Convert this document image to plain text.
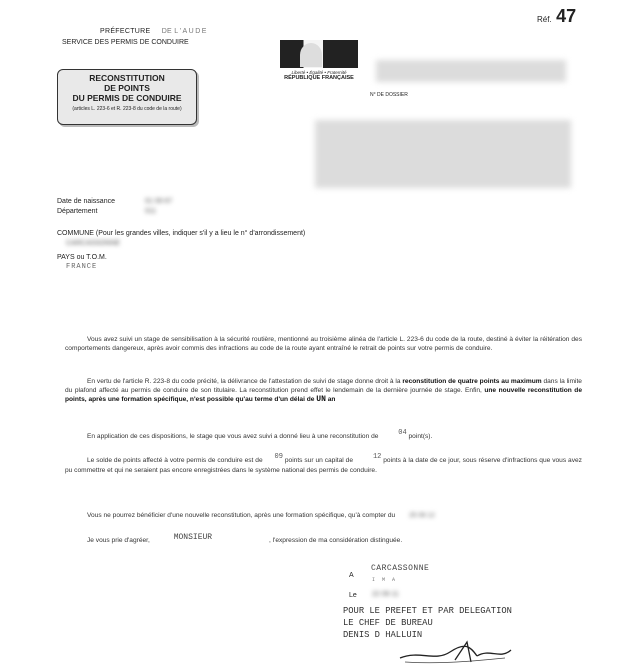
Réf. 47
PRÉFECTURE DE L'AUDE
SERVICE DES PERMIS DE CONDUIRE
RECONSTITUTION
DE POINTS
DU PERMIS DE CONDUIRE
(articles L. 223-6 et R. 223-8 du code de la route)
Liberté • Égalité • Fraternité
RÉPUBLIQUE FRANÇAISE
N° DE DOSSIER
Date de naissance	01 09 67
Département	011
COMMUNE (Pour les grandes villes, indiquer s'il y a lieu le n° d'arrondissement)
CARCASSONNE
PAYS ou T.O.M.
FRANCE
Vous avez suivi un stage de sensibilisation à la sécurité routière, mentionné au troisième alinéa de l'article L. 223-6 du code de la route, destiné à éviter la réitération des comportements dangereux, après avoir commis des infractions au code de la route ayant entraîné le retrait de points sur votre permis de conduire.
En vertu de l'article R. 223-8 du code précité, la délivrance de l'attestation de suivi de stage donne droit à la reconstitution de quatre points au maximum dans la limite du plafond affecté au permis de conduire de son titulaire. La reconstitution prend effet le lendemain de la dernière journée de stage. Enfin, une nouvelle reconstitution de points, après une formation spécifique, n'est possible qu'au terme d'un délai de UN an
En application de ces dispositions, le stage que vous avez suivi a donné lieu à une reconstitution de	04 point(s).
Le solde de points affecté à votre permis de conduire est de 09 points sur un capital de	12 points à la date de ce jour, sous réserve d'infractions que vous avez pu commettre et qui ne seraient pas encore enregistrées dans le système national des permis de conduire.
Vous ne pourrez bénéficier d'une nouvelle reconstitution, après une formation spécifique, qu'à compter du 25 08 12
Je vous prie d'agréer,	MONSIEUR	, l'expression de ma considération distinguée.
A
CARCASSONNE
I M A
Le 22 09 11
POUR LE PREFET ET PAR DELEGATION
LE CHEF DE BUREAU
DENIS D HALLUIN
